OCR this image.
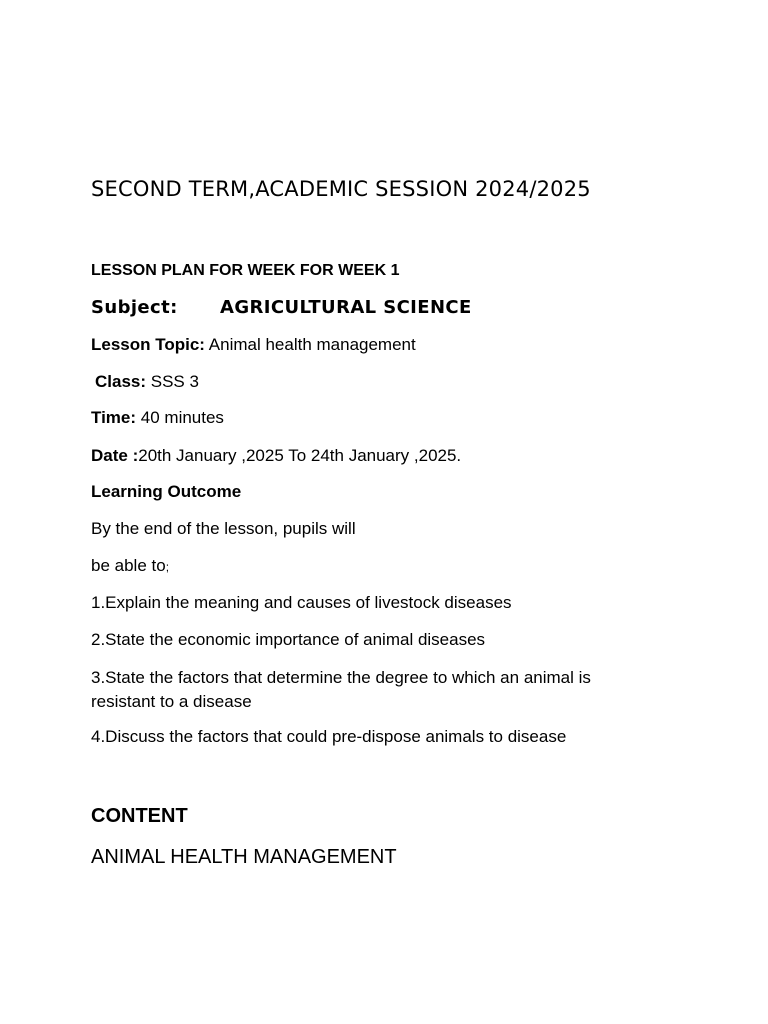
SECOND TERM,ACADEMIC SESSION 2024/2025
LESSON PLAN FOR WEEK FOR WEEK 1
Subject: AGRICULTURAL SCIENCE
Lesson Topic: Animal health management
Class: SSS 3
Time: 40 minutes
Date :20th January ,2025 To 24th January ,2025.
Learning Outcome
By the end of the lesson, pupils will
be able to;
1.Explain the meaning and causes of livestock diseases
2.State the economic importance of animal diseases
3.State the factors that determine the degree to which an animal is resistant to a disease
4.Discuss the factors that could pre-dispose animals to disease
CONTENT
ANIMAL HEALTH MANAGEMENT
